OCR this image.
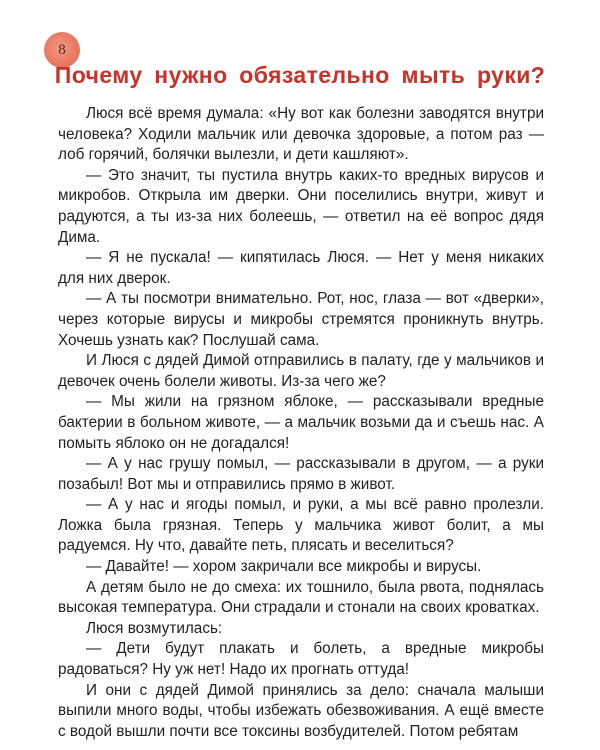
8
Почему нужно обязательно мыть руки?

Люся всё время думала: «Ну вот как болезни заводятся внутри человека? Ходили мальчик или девочка здоровые, а потом раз — лоб горячий, болячки вылезли, и дети кашляют».

— Это значит, ты пустила внутрь каких-то вредных вирусов и микробов. Открыла им дверки. Они поселились внутри, живут и радуются, а ты из-за них болеешь, — ответил на её вопрос дядя Дима.

— Я не пускала! — кипятилась Люся. — Нет у меня никаких для них дверок.

— А ты посмотри внимательно. Рот, нос, глаза — вот «дверки», через которые вирусы и микробы стремятся проникнуть внутрь. Хочешь узнать как? Послушай сама.

И Люся с дядей Димой отправились в палату, где у мальчиков и девочек очень болели животы. Из-за чего же?

— Мы жили на грязном яблоке, — рассказывали вредные бактерии в больном животе, — а мальчик возьми да и съешь нас. А помыть яблоко он не догадался!

— А у нас грушу помыл, — рассказывали в другом, — а руки позабыл! Вот мы и отправились прямо в живот.

— А у нас и ягоды помыл, и руки, а мы всё равно пролезли. Ложка была грязная. Теперь у мальчика живот болит, а мы радуемся. Ну что, давайте петь, плясать и веселиться?

— Давайте! — хором закричали все микробы и вирусы.

А детям было не до смеха: их тошнило, была рвота, поднялась высокая температура. Они страдали и стонали на своих кроватках.

Люся возмутилась:

— Дети будут плакать и болеть, а вредные микробы радоваться? Ну уж нет! Надо их прогнать оттуда!

И они с дядей Димой принялись за дело: сначала малыши выпили много воды, чтобы избежать обезвоживания. А ещё вместе с водой вышли почти все токсины возбудителей. Потом ребятам
